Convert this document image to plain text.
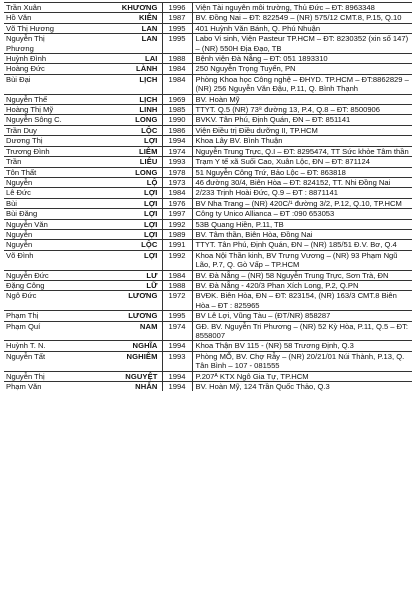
Trần Xuân	KHƯƠNG	1996	Viện Tài nguyên môi trường, Thủ Đức – ĐT: 8963348
Hồ Văn	KIÊN	1987	BV. Đồng Nai – ĐT: 822549 – (NR) 575/12 CMT.8, P.15, Q.10
Võ Thị Hương	LAN	1995	401 Huỳnh Văn Bánh, Q. Phú Nhuận
Nguyễn Thị Phương	LAN	1995	Labo Vi sinh, Viện Pasteur TP.HCM – ĐT: 8230352 (xin số 147) – (NR) 550H Địa Đạo, TB
Huỳnh Đình	LAI	1988	Bệnh viện Đà Nẵng – ĐT: 051 1893310
Hoàng Đức	LÀNH	1984	250 Nguyễn Trọng Tuyển, PN
Bùi Đại	LỊCH	1984	Phòng Khoa học Công nghệ – ĐHYD. TP.HCM – ĐT:8862829 – (NR) 256 Nguyễn Văn Đậu, P.11, Q. Bình Thạnh
Nguyễn Thế	LỊCH	1969	BV. Hoàn Mỹ
Hoàng Thị Mỹ	LINH	1985	TTYT. Q.5 (NR) 73⁸ đường 13, P.4, Q.8 – ĐT: 8500906
Nguyễn Sông C.	LONG	1990	BVKV. Tân Phú, Định Quán, ĐN – ĐT: 851141
Trần Duy	LỘC	1986	Viện Điều trị Điều dưỡng II, TP.HCM
Dương Thị	LỢI	1994	Khoa Lây BV. Bình Thuận
Trương Đình	LIÊM	1974	Nguyễn Trung Trực, Q.I – ĐT: 8295474, TT Sức khỏe Tâm thần
Trần	LIÊU	1993	Trạm Y tế xã Suối Cao, Xuân Lộc, ĐN – ĐT: 871124
Tôn Thất	LONG	1978	51 Nguyễn Công Trứ, Bảo Lộc – ĐT: 863818
Nguyễn	LỘ	1973	46 đường 30/4, Biên Hòa – ĐT: 824152, TT. Nhi Đồng Nai
Lê Đức	LỢI	1984	2/233 Trịnh Hoài Đức, Q.9 – ĐT : 8871141
Bùi	LỢI	1976	BV Nha Trang – (NR) 420C/¹ đường 3/2, P.12, Q.10, TP.HCM
Bùi Đăng	LỢI	1997	Công ty Unico Allianca – ĐT :090 653053
Nguyễn Văn	LỢI	1992	53B Quang Hiền, P.11, TB
Nguyễn	LỢI	1989	BV. Tâm thần, Biên Hòa, Đồng Nai
Nguyễn	LỘC	1991	TTYT. Tân Phú, Định Quán, ĐN – (NR) 185/51 Đ.V. Bơ, Q.4
Võ Đình	LỢI	1992	Khoa Nội Thần kinh, BV Trưng Vương – (NR) 93 Phạm Ngũ Lão, P.7, Q. Gò Vấp – TP.HCM
Nguyễn Đức	LƯ	1984	BV. Đà Nẵng – (NR) 58 Nguyễn Trung Trực, Sơn Trà, ĐN
Đặng Công	LỮ	1988	BV. Đà Nẵng - 420/3 Phan Xích Long, P.2, Q.PN
Ngô Đức	LƯƠNG	1972	BVĐK. Biên Hòa, ĐN – ĐT: 823154, (NR) 163/3 CMT.8 Biên Hòa – ĐT : 825965
Phạm Thị	LƯƠNG	1995	BV Lê Lợi, Vũng Tàu – (ĐT/NR) 858287
Phạm Quí	NAM	1974	GĐ. BV. Nguyễn Tri Phương – (NR) 52 Kỳ Hòa, P.11, Q.5 – ĐT: 8558007
Huỳnh T. N.	NGHĨA	1994	Khoa Thận BV 115 - (NR) 58 Trương Định, Q.3
Nguyễn Tất	NGHIÊM	1993	Phòng MỔ, BV. Chợ Rẫy – (NR) 20/21/01 Núi Thành, P.13, Q. Tân Bình – 107 - 081555
Nguyễn Thị	NGUYỆT	1994	P.207ᴬ KTX Ngô Gia Tự, TP.HCM
Phạm Văn	NHẪN	1994	BV. Hoàn Mỹ, 124 Trần Quốc Thảo, Q.3
